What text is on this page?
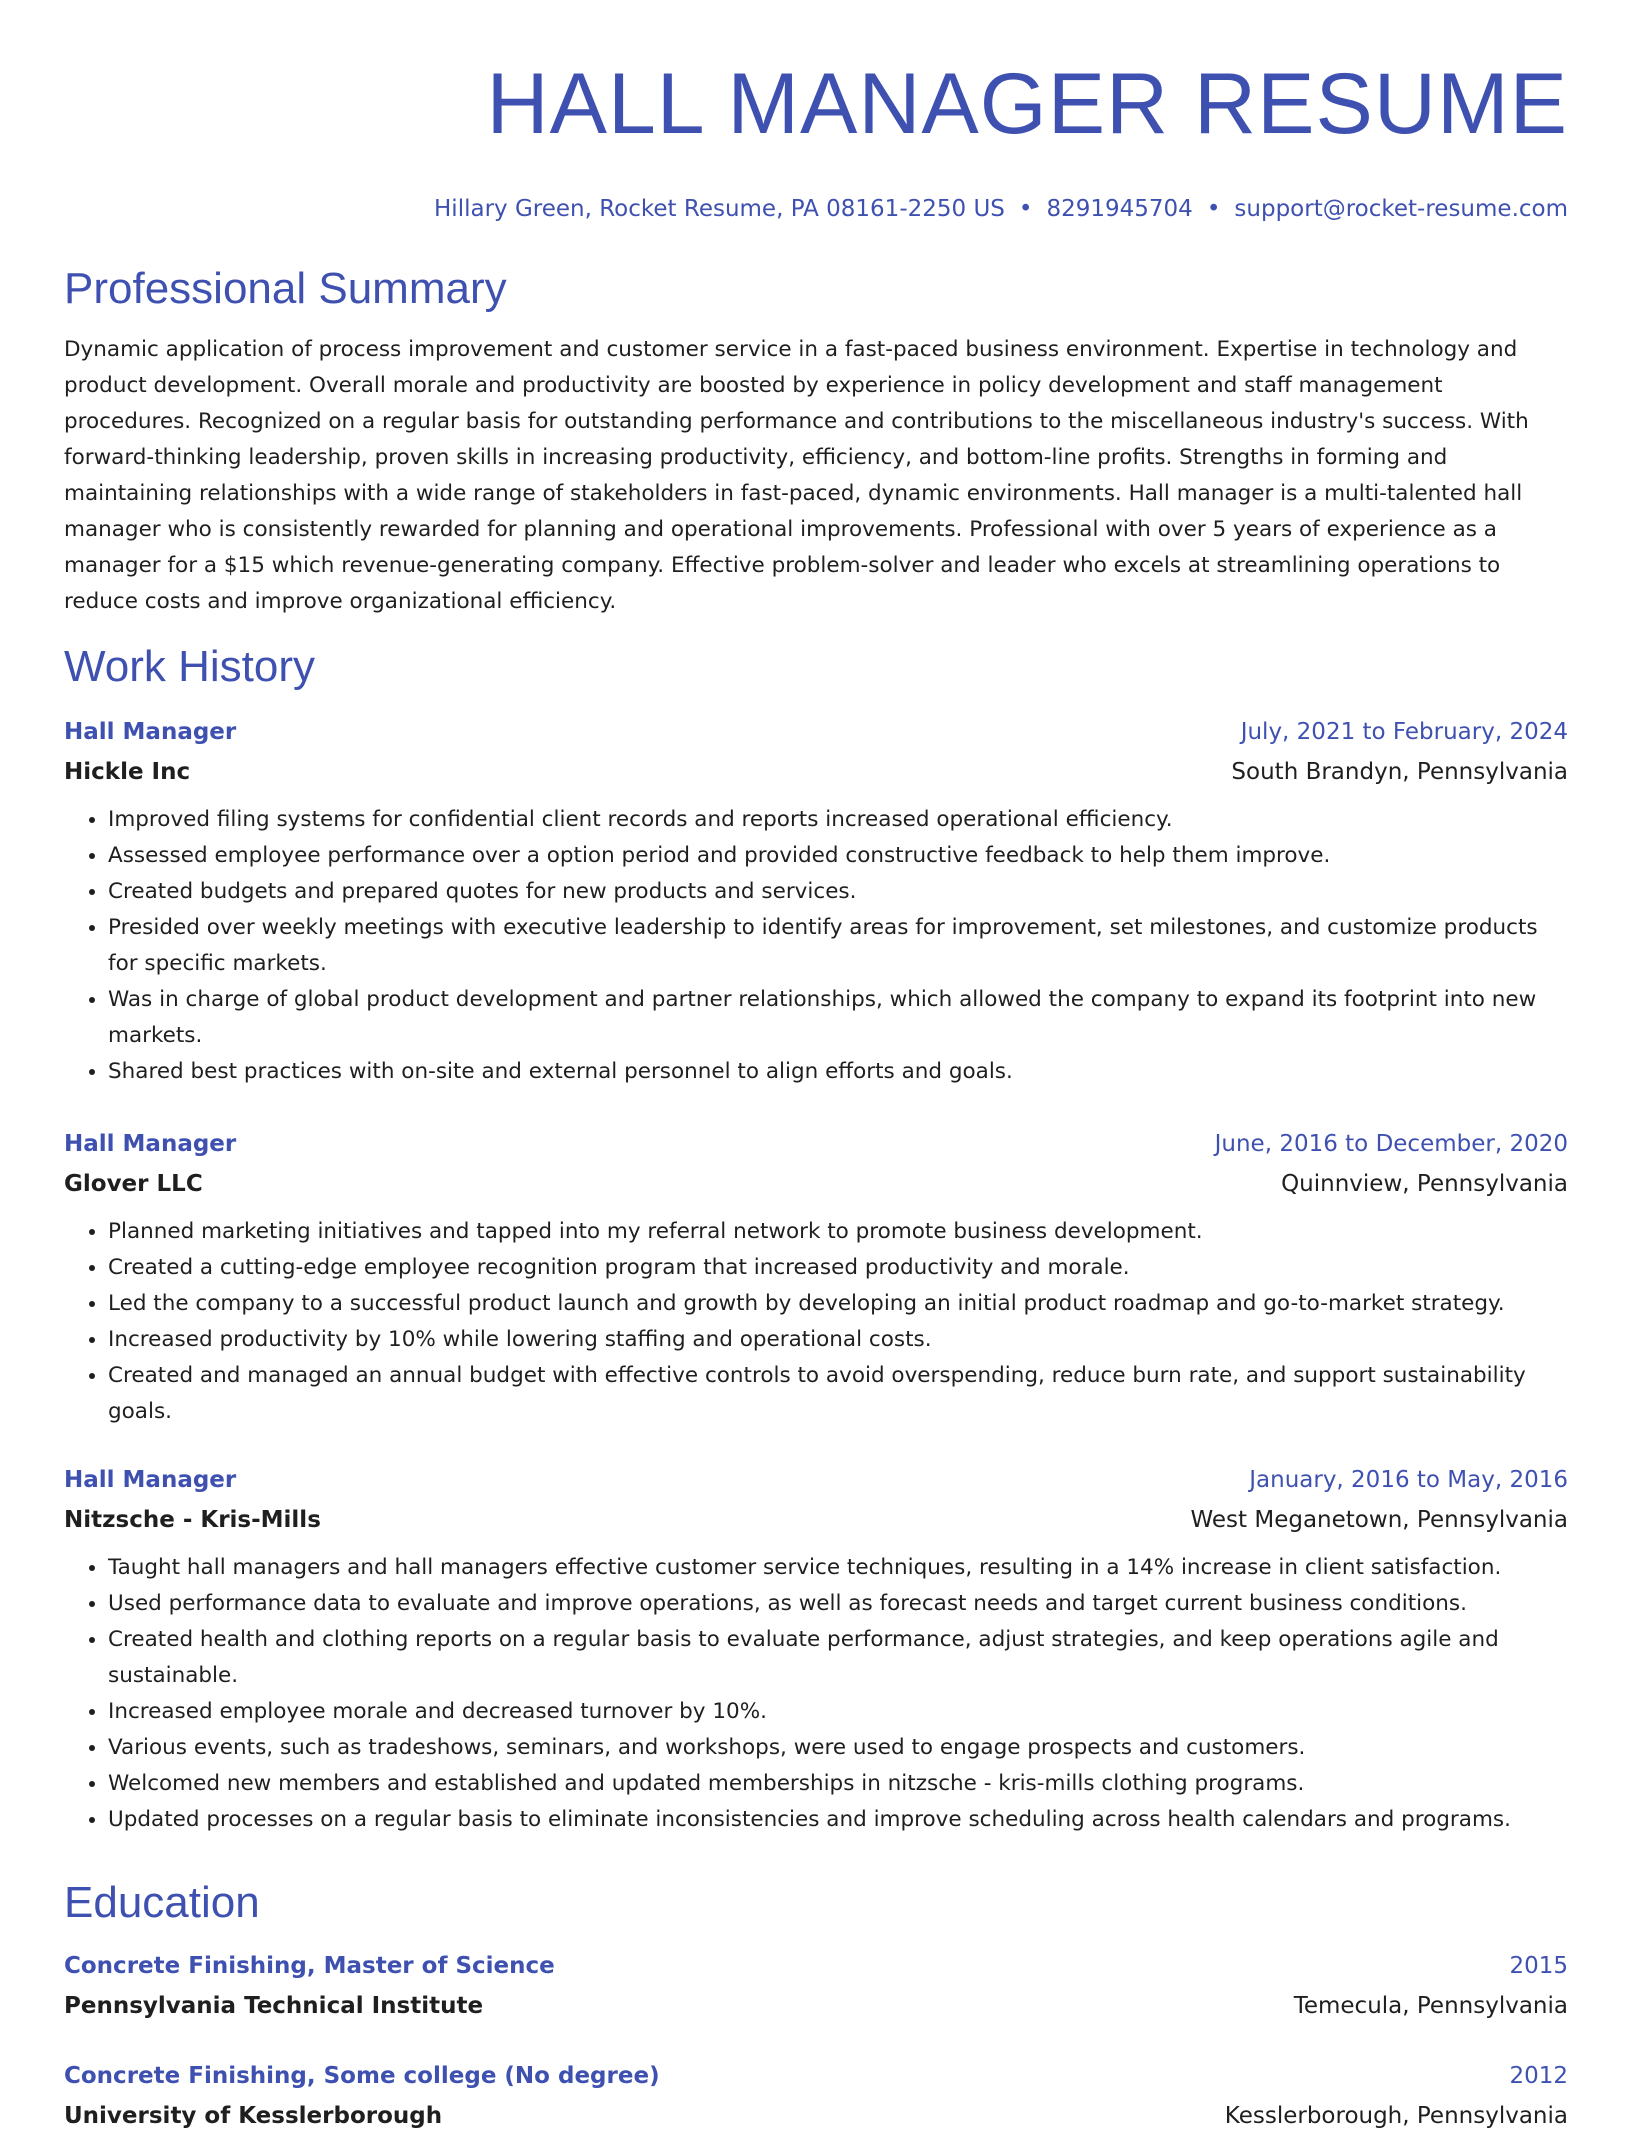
HALL MANAGER RESUME
Hillary Green, Rocket Resume, PA 08161-2250 US • 8291945704 • support@rocket-resume.com
Professional Summary

Dynamic application of process improvement and customer service in a fast-paced business environment. Expertise in technology and product development. Overall morale and productivity are boosted by experience in policy development and staff management procedures. Recognized on a regular basis for outstanding performance and contributions to the miscellaneous industry's success. With forward-thinking leadership, proven skills in increasing productivity, efficiency, and bottom-line profits. Strengths in forming and maintaining relationships with a wide range of stakeholders in fast-paced, dynamic environments. Hall manager is a multi-talented hall manager who is consistently rewarded for planning and operational improvements. Professional with over 5 years of experience as a manager for a $15 which revenue-generating company. Effective problem-solver and leader who excels at streamlining operations to reduce costs and improve organizational efficiency.

Work History
Hall Manager	July, 2021 to February, 2024
Hickle Inc	South Brandyn, Pennsylvania
• Improved filing systems for confidential client records and reports increased operational efficiency.
• Assessed employee performance over a option period and provided constructive feedback to help them improve.
• Created budgets and prepared quotes for new products and services.
• Presided over weekly meetings with executive leadership to identify areas for improvement, set milestones, and customize products for specific markets.
• Was in charge of global product development and partner relationships, which allowed the company to expand its footprint into new markets.
• Shared best practices with on-site and external personnel to align efforts and goals.
Hall Manager	June, 2016 to December, 2020
Glover LLC	Quinnview, Pennsylvania
• Planned marketing initiatives and tapped into my referral network to promote business development.
• Created a cutting-edge employee recognition program that increased productivity and morale.
• Led the company to a successful product launch and growth by developing an initial product roadmap and go-to-market strategy.
• Increased productivity by 10% while lowering staffing and operational costs.
• Created and managed an annual budget with effective controls to avoid overspending, reduce burn rate, and support sustainability goals.
Hall Manager	January, 2016 to May, 2016
Nitzsche - Kris-Mills	West Meganetown, Pennsylvania
• Taught hall managers and hall managers effective customer service techniques, resulting in a 14% increase in client satisfaction.
• Used performance data to evaluate and improve operations, as well as forecast needs and target current business conditions.
• Created health and clothing reports on a regular basis to evaluate performance, adjust strategies, and keep operations agile and sustainable.
• Increased employee morale and decreased turnover by 10%.
• Various events, such as tradeshows, seminars, and workshops, were used to engage prospects and customers.
• Welcomed new members and established and updated memberships in nitzsche - kris-mills clothing programs.
• Updated processes on a regular basis to eliminate inconsistencies and improve scheduling across health calendars and programs.
Education
Concrete Finishing, Master of Science	2015
Pennsylvania Technical Institute	Temecula, Pennsylvania
Concrete Finishing, Some college (No degree)	2012
University of Kesslerborough	Kesslerborough, Pennsylvania
